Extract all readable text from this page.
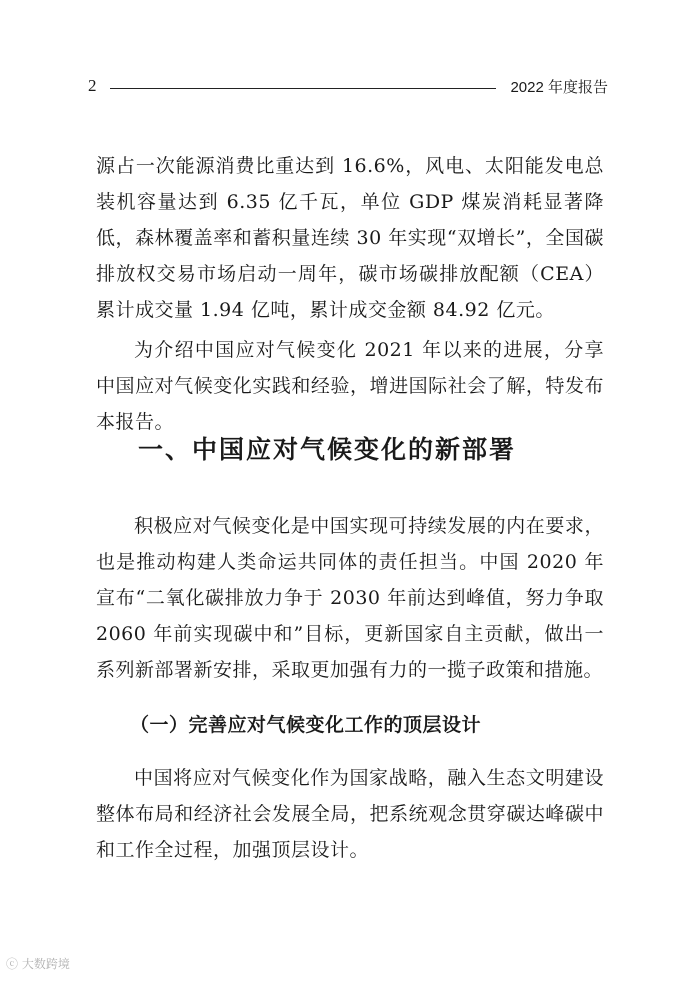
2	2022 年度报告

源占一次能源消费比重达到 16.6%，风电、太阳能发电总装机容量达到 6.35 亿千瓦，单位 GDP 煤炭消耗显著降低，森林覆盖率和蓄积量连续 30 年实现“双增长”，全国碳排放权交易市场启动一周年，碳市场碳排放配额（CEA）累计成交量 1.94 亿吨，累计成交金额 84.92 亿元。

为介绍中国应对气候变化 2021 年以来的进展，分享中国应对气候变化实践和经验，增进国际社会了解，特发布本报告。

一、中国应对气候变化的新部署

积极应对气候变化是中国实现可持续发展的内在要求，也是推动构建人类命运共同体的责任担当。中国 2020 年宣布“二氧化碳排放力争于 2030 年前达到峰值，努力争取 2060 年前实现碳中和”目标，更新国家自主贡献，做出一系列新部署新安排，采取更加强有力的一揽子政策和措施。

（一）完善应对气候变化工作的顶层设计

中国将应对气候变化作为国家战略，融入生态文明建设整体布局和经济社会发展全局，把系统观念贯穿碳达峰碳中和工作全过程，加强顶层设计。

ⓒ 大数跨境
